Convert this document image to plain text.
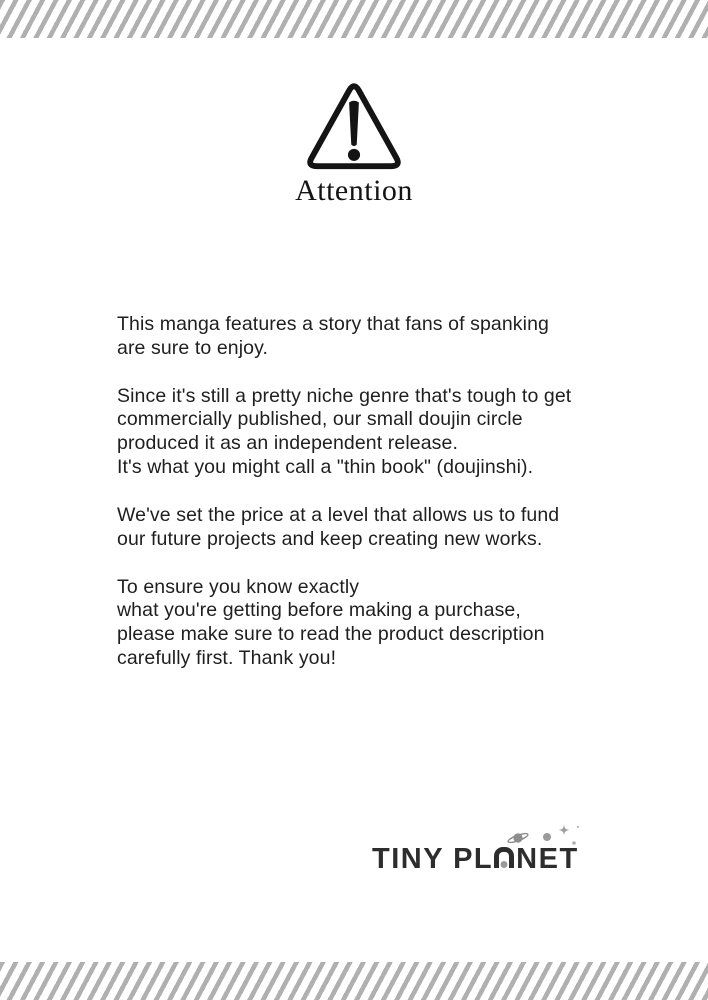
Attention

This manga features a story that fans of spanking
are sure to enjoy.

Since it's still a pretty niche genre that's tough to get
commercially published, our small doujin circle
produced it as an independent release.
It's what you might call a "thin book" (doujinshi).

We've set the price at a level that allows us to fund
our future projects and keep creating new works.

To ensure you know exactly
what you're getting before making a purchase,
please make sure to read the product description
carefully first. Thank you!

TINY PL NET
